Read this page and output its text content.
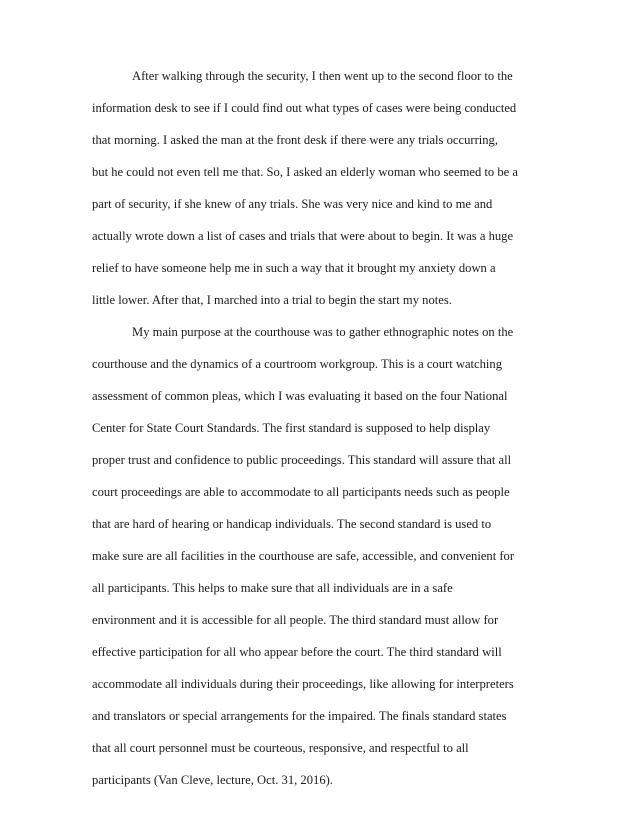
After walking through the security, I then went up to the second floor to the
information desk to see if I could find out what types of cases were being conducted
that morning. I asked the man at the front desk if there were any trials occurring,
but he could not even tell me that. So, I asked an elderly woman who seemed to be a
part of security, if she knew of any trials. She was very nice and kind to me and
actually wrote down a list of cases and trials that were about to begin. It was a huge
relief to have someone help me in such a way that it brought my anxiety down a
little lower. After that, I marched into a trial to begin the start my notes.
My main purpose at the courthouse was to gather ethnographic notes on the
courthouse and the dynamics of a courtroom workgroup. This is a court watching
assessment of common pleas, which I was evaluating it based on the four National
Center for State Court Standards. The first standard is supposed to help display
proper trust and confidence to public proceedings. This standard will assure that all
court proceedings are able to accommodate to all participants needs such as people
that are hard of hearing or handicap individuals. The second standard is used to
make sure are all facilities in the courthouse are safe, accessible, and convenient for
all participants. This helps to make sure that all individuals are in a safe
environment and it is accessible for all people. The third standard must allow for
effective participation for all who appear before the court. The third standard will
accommodate all individuals during their proceedings, like allowing for interpreters
and translators or special arrangements for the impaired. The finals standard states
that all court personnel must be courteous, responsive, and respectful to all
participants (Van Cleve, lecture, Oct. 31, 2016).
